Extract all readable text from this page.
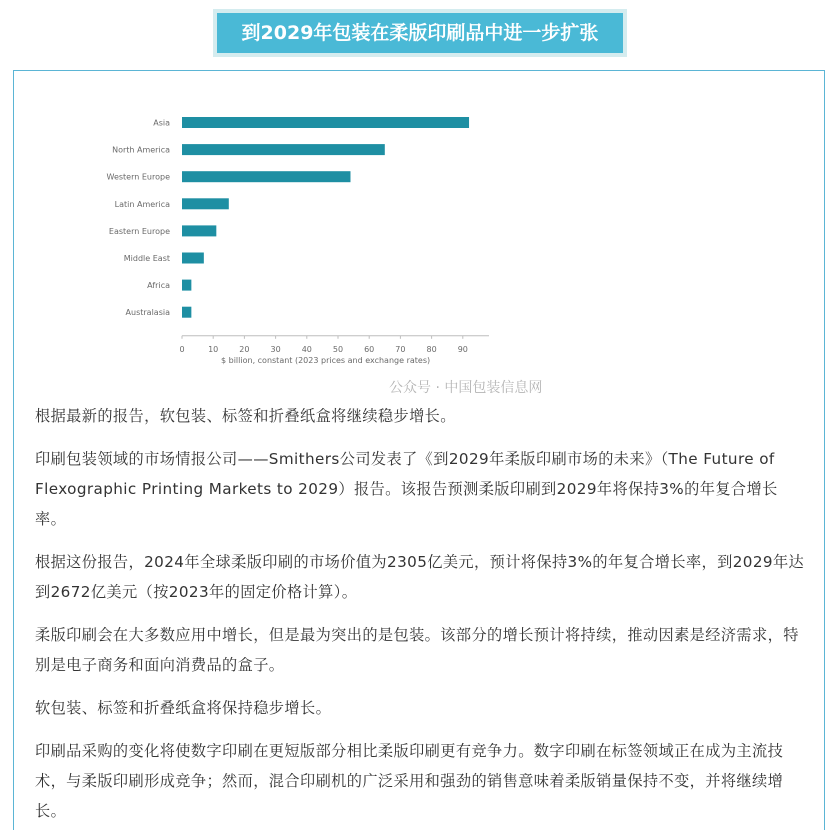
到2029年包装在柔版印刷品中进一步扩张
Asia
North America
Western Europe
Latin America
Eastern Europe
Middle East
Africa
Australasia
0	10	20	30	40	50	60	70	80	90
$ billion, constant (2023 prices and exchange rates)
公众号 · 中国包装信息网

根据最新的报告，软包装、标签和折叠纸盒将继续稳步增长。

印刷包装领域的市场情报公司——Smithers公司发表了《到2029年柔版印刷市场的未来》（The Future of Flexographic Printing Markets to 2029）报告。该报告预测柔版印刷到2029年将保持3%的年复合增长率。

根据这份报告，2024年全球柔版印刷的市场价值为2305亿美元，预计将保持3%的年复合增长率，到2029年达到2672亿美元（按2023年的固定价格计算）。

柔版印刷会在大多数应用中增长，但是最为突出的是包装。该部分的增长预计将持续，推动因素是经济需求，特别是电子商务和面向消费品的盒子。

软包装、标签和折叠纸盒将保持稳步增长。

印刷品采购的变化将使数字印刷在更短版部分相比柔版印刷更有竞争力。数字印刷在标签领域正在成为主流技术，与柔版印刷形成竞争；然而，混合印刷机的广泛采用和强劲的销售意味着柔版销量保持不变，并将继续增长。
